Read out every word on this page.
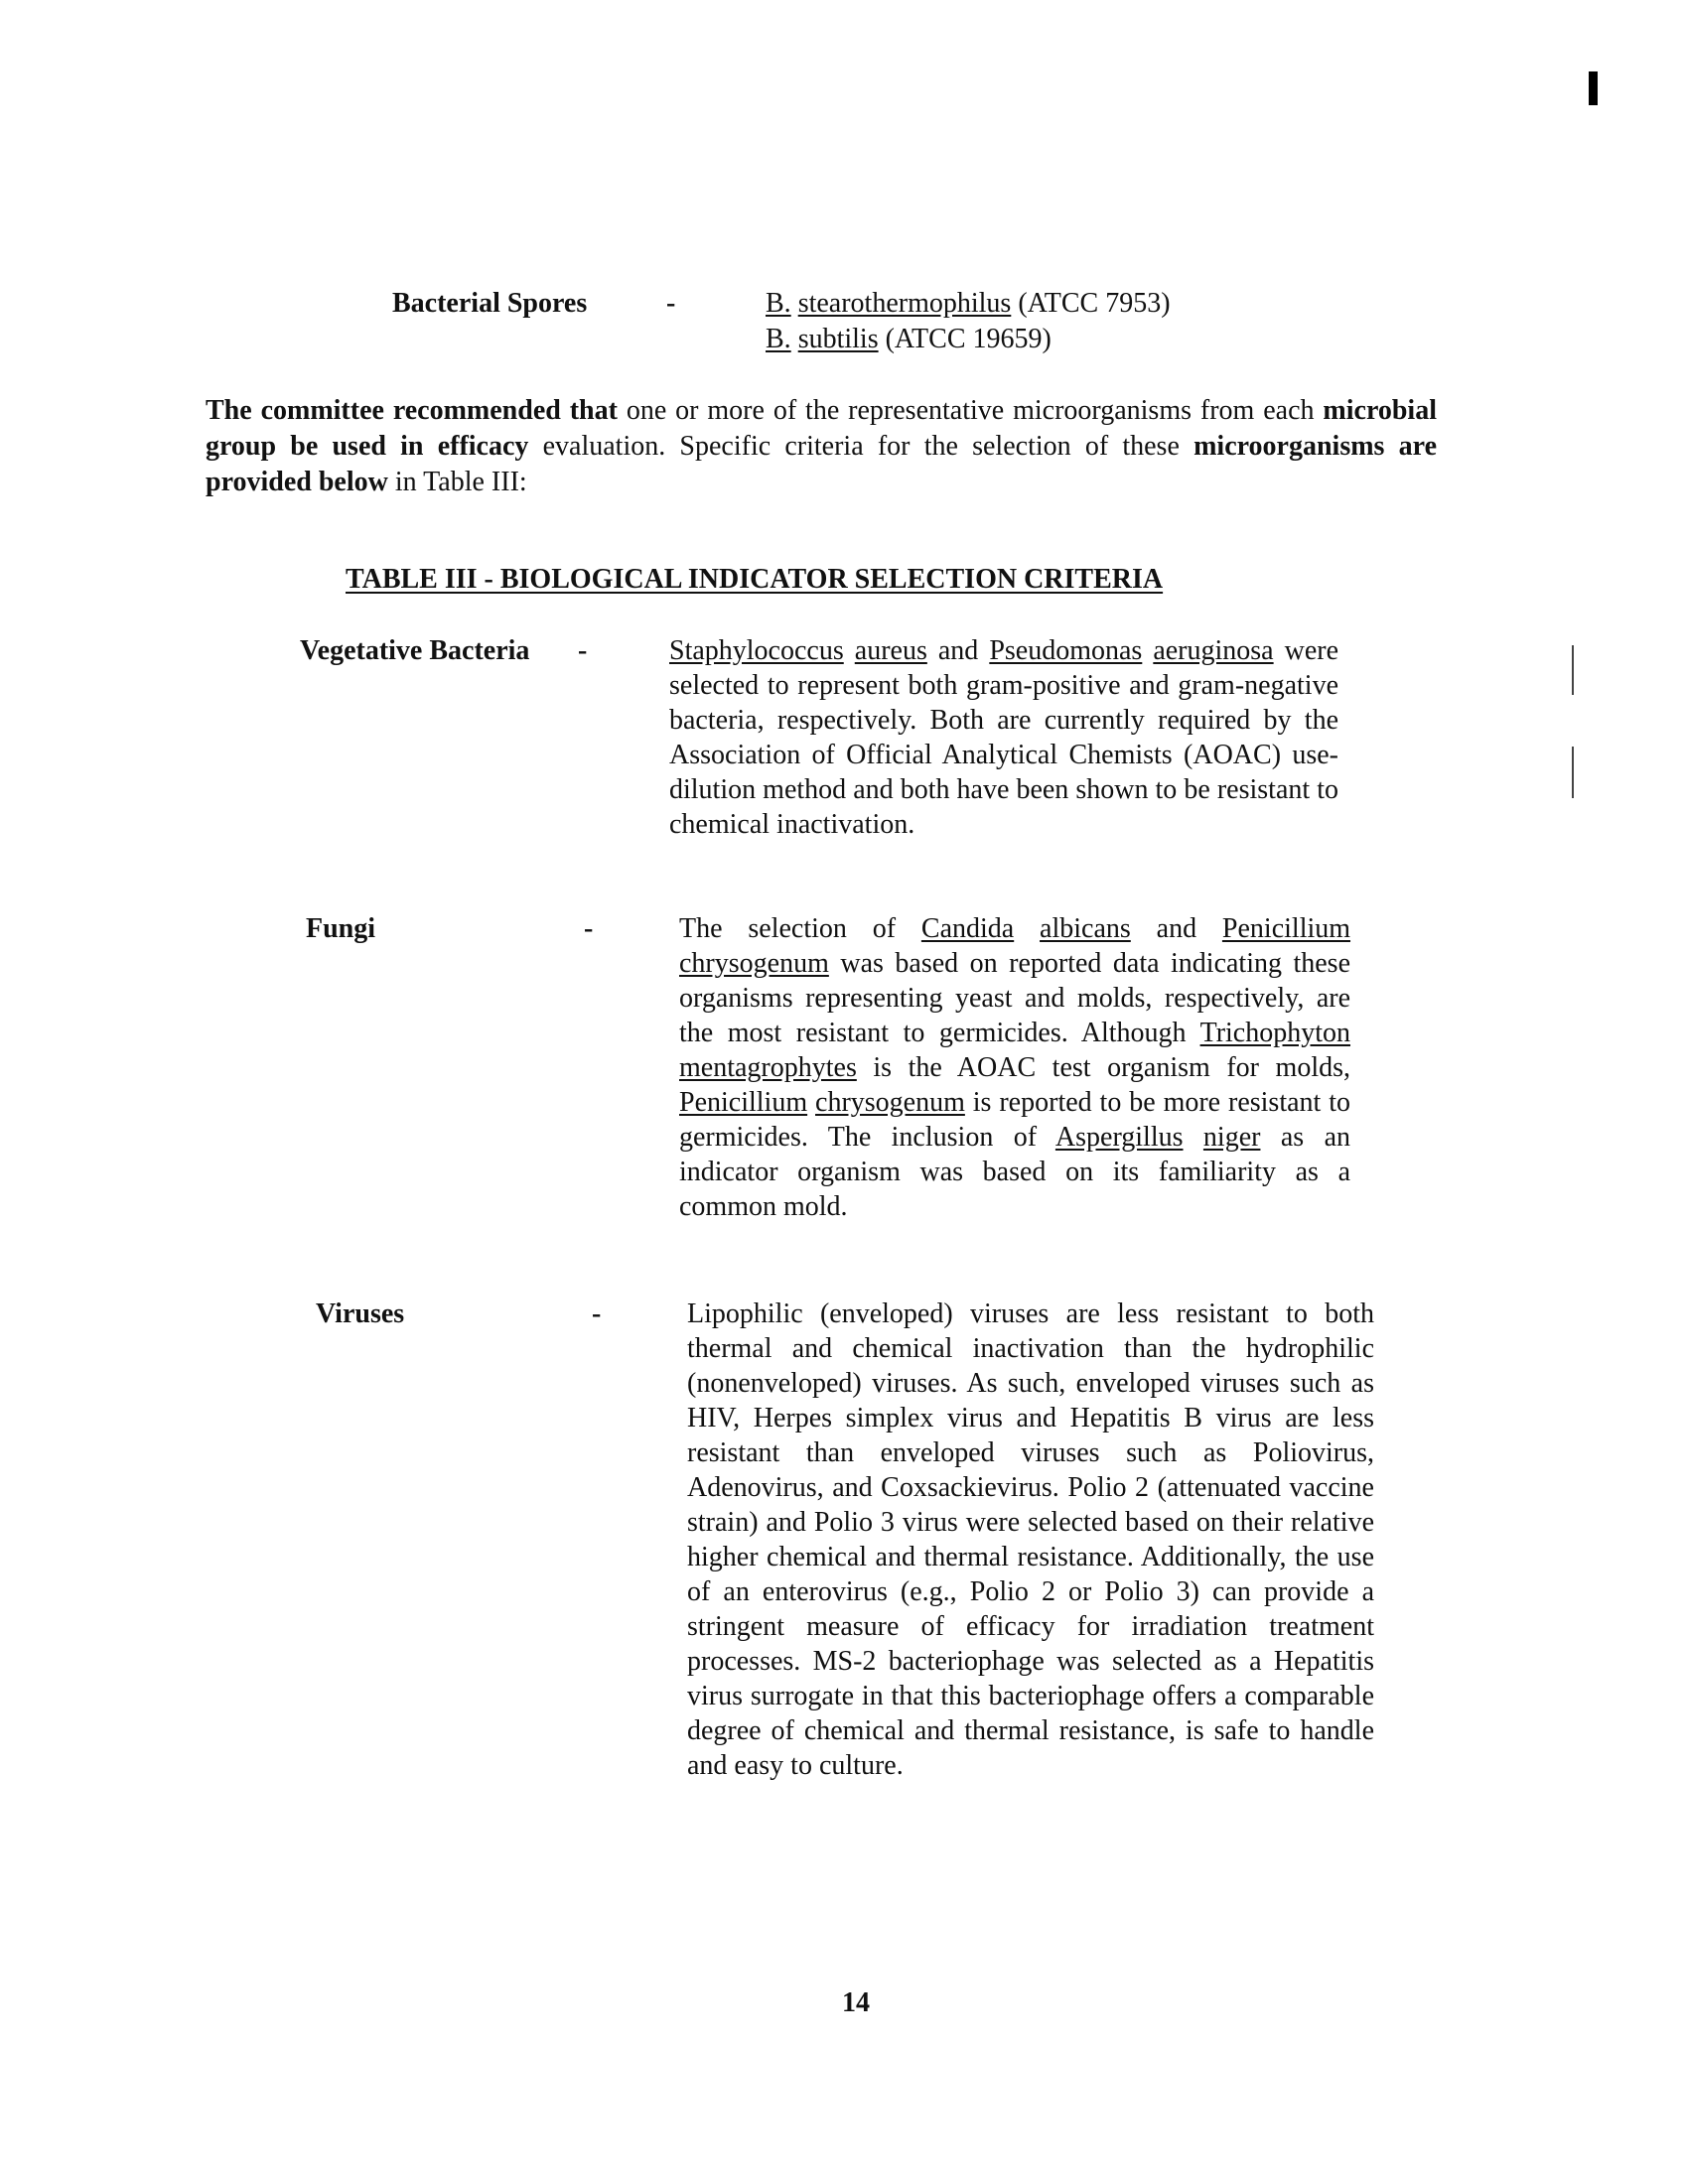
Bacterial Spores	-	B. stearothermophilus (ATCC 7953)
B. subtilis (ATCC 19659)

The committee recommended that one or more of the representative microorganisms from each microbial group be used in efficacy evaluation. Specific criteria for the selection of these microorganisms are provided below in Table III:

TABLE III - BIOLOGICAL INDICATOR SELECTION CRITERIA
Vegetative Bacteria -	Staphylococcus aureus and Pseudomonas aeruginosa were selected to represent both gram-positive and gram-negative bacteria, respectively. Both are currently required by the Association of Official Analytical Chemists (AOAC) use-dilution method and both have been shown to be resistant to chemical inactivation.
Fungi	-	The selection of Candida albicans and Penicillium chrysogenum was based on reported data indicating these organisms representing yeast and molds, respectively, are the most resistant to germicides. Although Trichophyton mentagrophytes is the AOAC test organism for molds, Penicillium chrysogenum is reported to be more resistant to germicides. The inclusion of Aspergillus niger as an indicator organism was based on its familiarity as a common mold.
Viruses	-	Lipophilic (enveloped) viruses are less resistant to both thermal and chemical inactivation than the hydrophilic (nonenveloped) viruses. As such, enveloped viruses such as HIV, Herpes simplex virus and Hepatitis B virus are less resistant than enveloped viruses such as Poliovirus, Adenovirus, and Coxsackievirus. Polio 2 (attenuated vaccine strain) and Polio 3 virus were selected based on their relative higher chemical and thermal resistance. Additionally, the use of an enterovirus (e.g., Polio 2 or Polio 3) can provide a stringent measure of efficacy for irradiation treatment processes. MS-2 bacteriophage was selected as a Hepatitis virus surrogate in that this bacteriophage offers a comparable degree of chemical and thermal resistance, is safe to handle and easy to culture.
14
